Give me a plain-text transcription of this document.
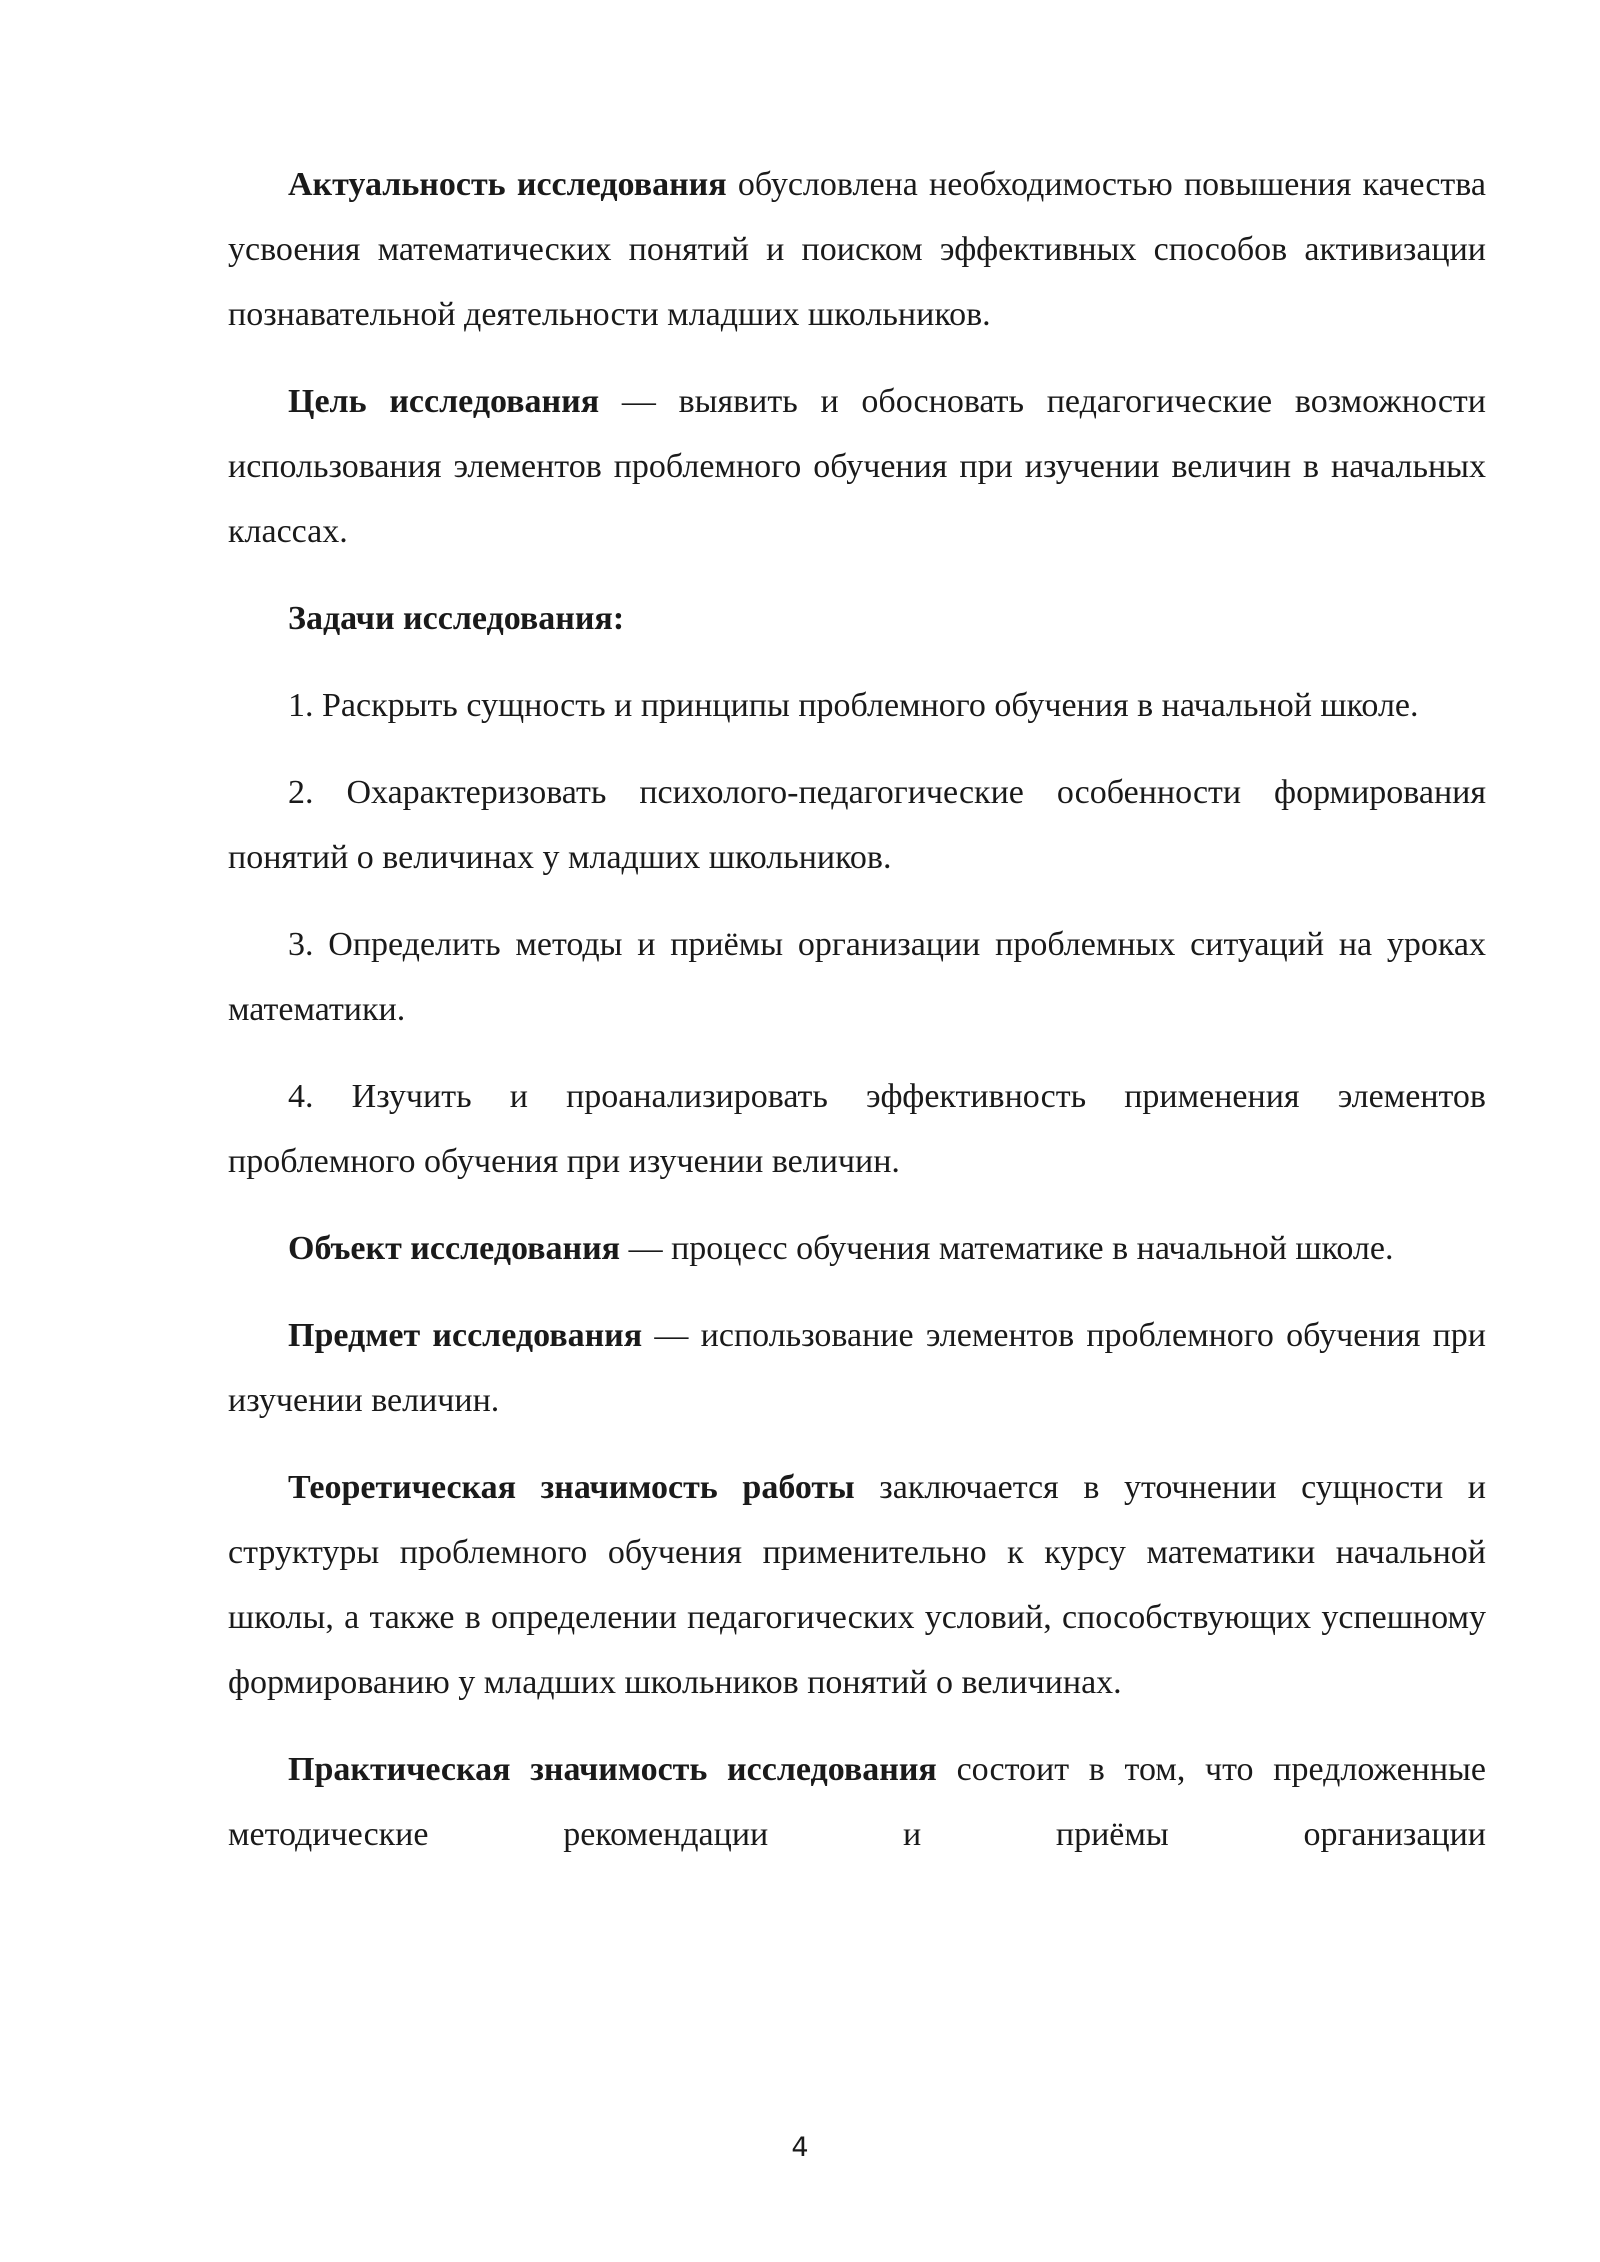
Актуальность исследования обусловлена необходимостью повышения качества усвоения математических понятий и поиском эффективных способов активизации познавательной деятельности младших школьников.

Цель исследования — выявить и обосновать педагогические возможности использования элементов проблемного обучения при изучении величин в начальных классах.

Задачи исследования:

1. Раскрыть сущность и принципы проблемного обучения в начальной школе.

2. Охарактеризовать психолого-педагогические особенности формирования понятий о величинах у младших школьников.

3. Определить методы и приёмы организации проблемных ситуаций на уроках математики.

4. Изучить и проанализировать эффективность применения элементов проблемного обучения при изучении величин.

Объект исследования — процесс обучения математике в начальной школе.

Предмет исследования — использование элементов проблемного обучения при изучении величин.

Теоретическая значимость работы заключается в уточнении сущности и структуры проблемного обучения применительно к курсу математики начальной школы, а также в определении педагогических условий, способствующих успешному формированию у младших школьников понятий о величинах.

Практическая значимость исследования состоит в том, что предложенные методические рекомендации и приёмы организации

4
